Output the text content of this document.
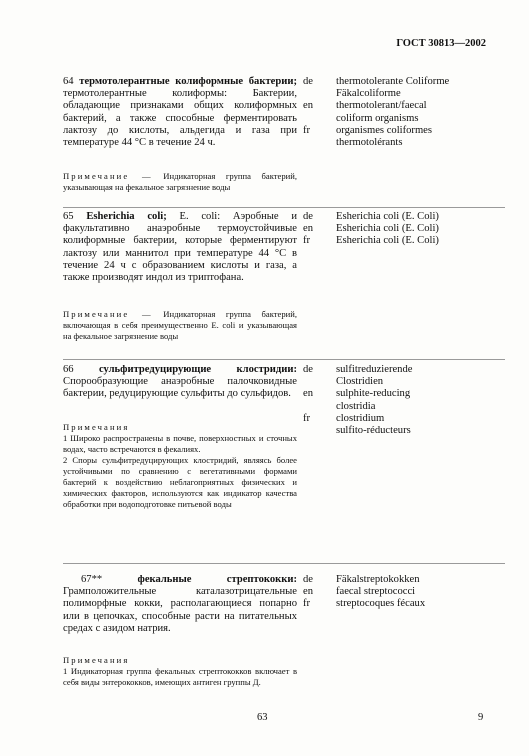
ГОСТ 30813—2002

64 термотолерантные колиформные бактерии; термотолерантные колиформы: Бактерии, обладающие признаками общих колиформных бактерий, а также способные ферментировать лактозу до кислоты, альдегида и газа при температуре 44 °С в течение 24 ч.

Примечание — Индикаторная группа бактерий, указывающая на фекальное загрязнение воды
de
en
fr
thermotolerante Coliforme
Fäkalcoliforme
thermotolerant/faecal
coliform organisms
organismes coliformes
thermotolérants

65 Esherichia coli; E. coli: Аэробные и факультативно анаэробные термоустойчивые колиформные бактерии, которые ферментируют лактозу или маннитол при температуре 44 °С в течение 24 ч с образованием кислоты и газа, а также производят индол из триптофана.

Примечание — Индикаторная группа бактерий, включающая в себя преимущественно E. coli и указывающая на фекальное загрязнение воды
de
en
fr
Esherichia coli (E. Coli)
Esherichia coli (E. Coli)
Esherichia coli (E. Coli)

66 сульфитредуцирующие клостридии: Спорообразующие анаэробные палочковидные бактерии, редуцирующие сульфиты до сульфидов.

Примечания
1 Широко распространены в почве, поверхностных и сточных водах, часто встречаются в фекалиях.
2 Споры сульфитредуцирующих клостридий, являясь более устойчивыми по сравнению с вегетативными формами бактерий к воздействию неблагоприятных физических и химических факторов, используются как индикатор качества обработки при водоподготовке питьевой воды
de
en
fr
sulfitreduzierende
Clostridien
sulphite-reducing
clostridia
clostridium
sulfito-réducteurs

67**	фекальные стрептококки: Грамположительные каталазотрицательные полиморфные кокки, располагающиеся попарно или в цепочках, способные расти на питательных средах с азидом натрия.

Примечания
1 Индикаторная группа фекальных стрептококков включает в себя виды энтерококков, имеющих антиген группы Д.
de
en
fr
Fäkalstreptokokken
faecal streptococci
streptocoques fécaux
63	9
